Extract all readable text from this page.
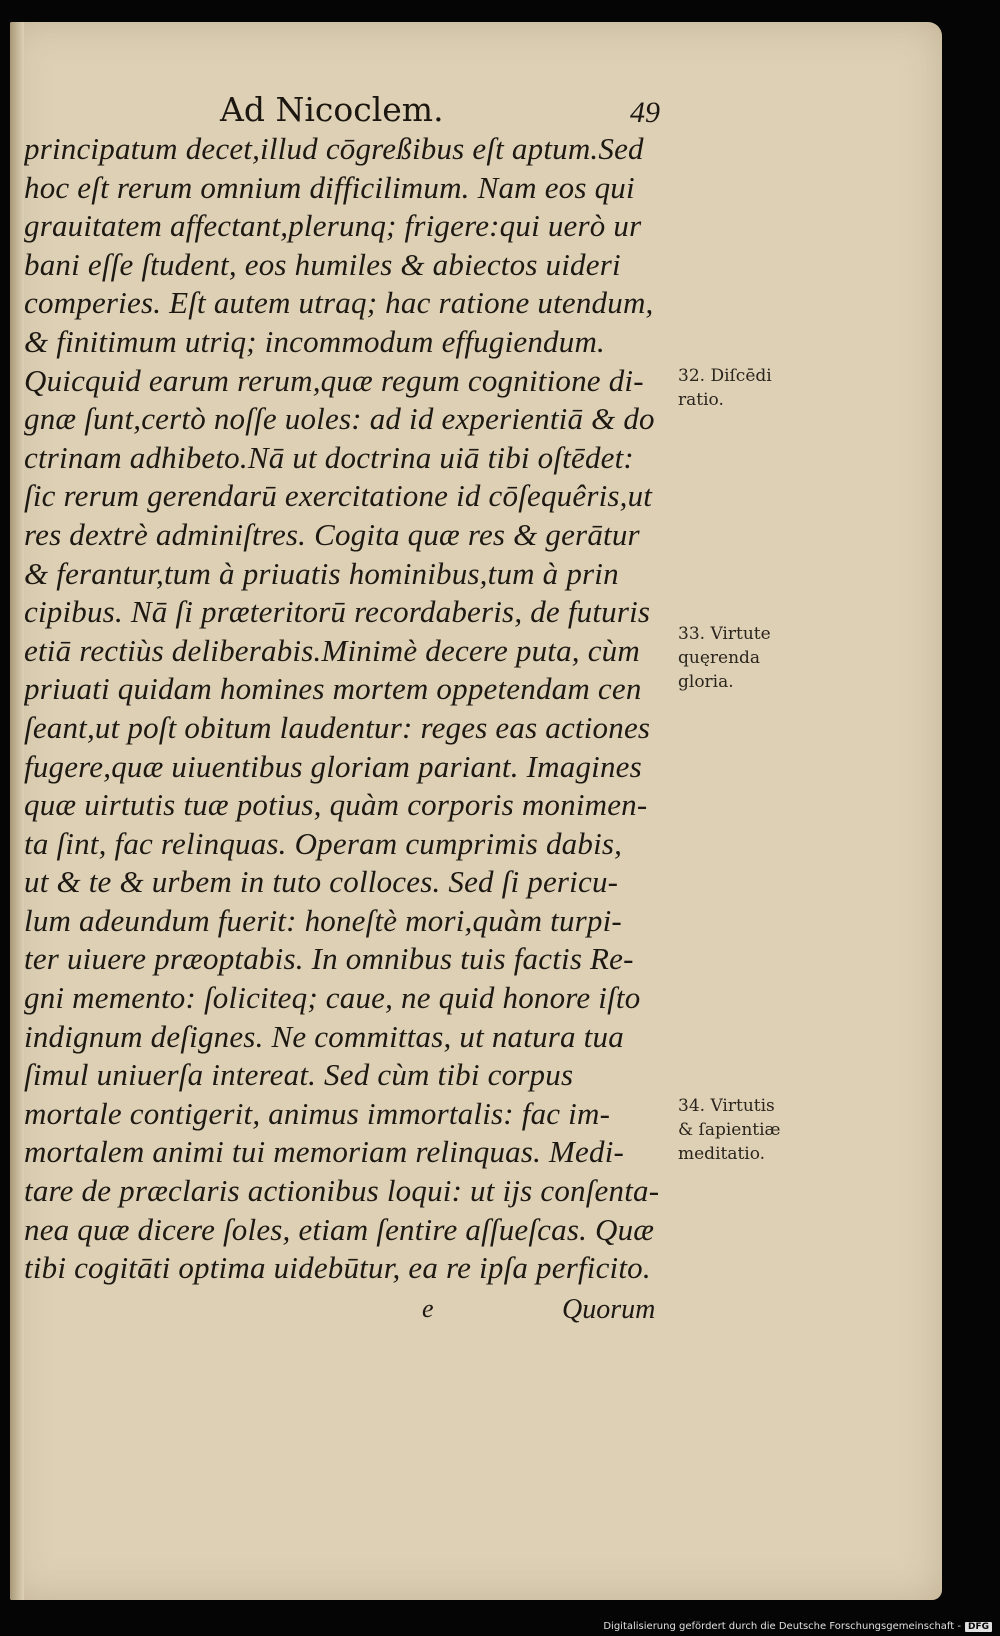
Ad Nicoclem.	49
principatum decet,illud cōgreßibus eſt aptum.Sed
hoc eſt rerum omnium difficilimum. Nam eos qui
grauitatem affectant,plerunq; frigere:qui uerò ur
bani eſſe ſtudent, eos humiles & abiectos uideri
comperies. Eſt autem utraq; hac ratione utendum,
& finitimum utriq; incommodum effugiendum.
Quicquid earum rerum,quæ regum cognitione di-
gnæ ſunt,certò noſſe uoles: ad id experientiā & do
ctrinam adhibeto.Nā ut doctrina uiā tibi oſtēdet:
ſic rerum gerendarū exercitatione id cōſequêris,ut
res dextrè adminiſtres. Cogita quæ res & gerātur
& ferantur,tum à priuatis hominibus,tum à prin
cipibus. Nā ſi præteritorū recordaberis, de futuris
etiā rectiùs deliberabis.Minimè decere puta, cùm
priuati quidam homines mortem oppetendam cen
ſeant,ut poſt obitum laudentur: reges eas actiones
fugere,quæ uiuentibus gloriam pariant. Imagines
quæ uirtutis tuæ potius, quàm corporis monimen-
ta ſint, fac relinquas. Operam cumprimis dabis,
ut & te & urbem in tuto colloces. Sed ſi pericu-
lum adeundum fuerit: honeſtè mori,quàm turpi-
ter uiuere præoptabis. In omnibus tuis factis Re-
gni memento: ſoliciteq; caue, ne quid honore iſto
indignum deſignes. Ne committas, ut natura tua
ſimul uniuerſa intereat. Sed cùm tibi corpus
mortale contigerit, animus immortalis: fac im-
mortalem animi tui memoriam relinquas. Medi-
tare de præclaris actionibus loqui: ut ijs conſenta-
nea quæ dicere ſoles, etiam ſentire aſſueſcas. Quæ
tibi cogitāti optima uidebūtur, ea re ipſa perficito.
32. Diſcēdi
ratio.
33. Virtute
quęrenda
gloria.
34. Virtutis
& ſapientiæ
meditatio.
e	Quorum
Digitalisierung gefördert durch die Deutsche Forschungsgemeinschaft - DFG
